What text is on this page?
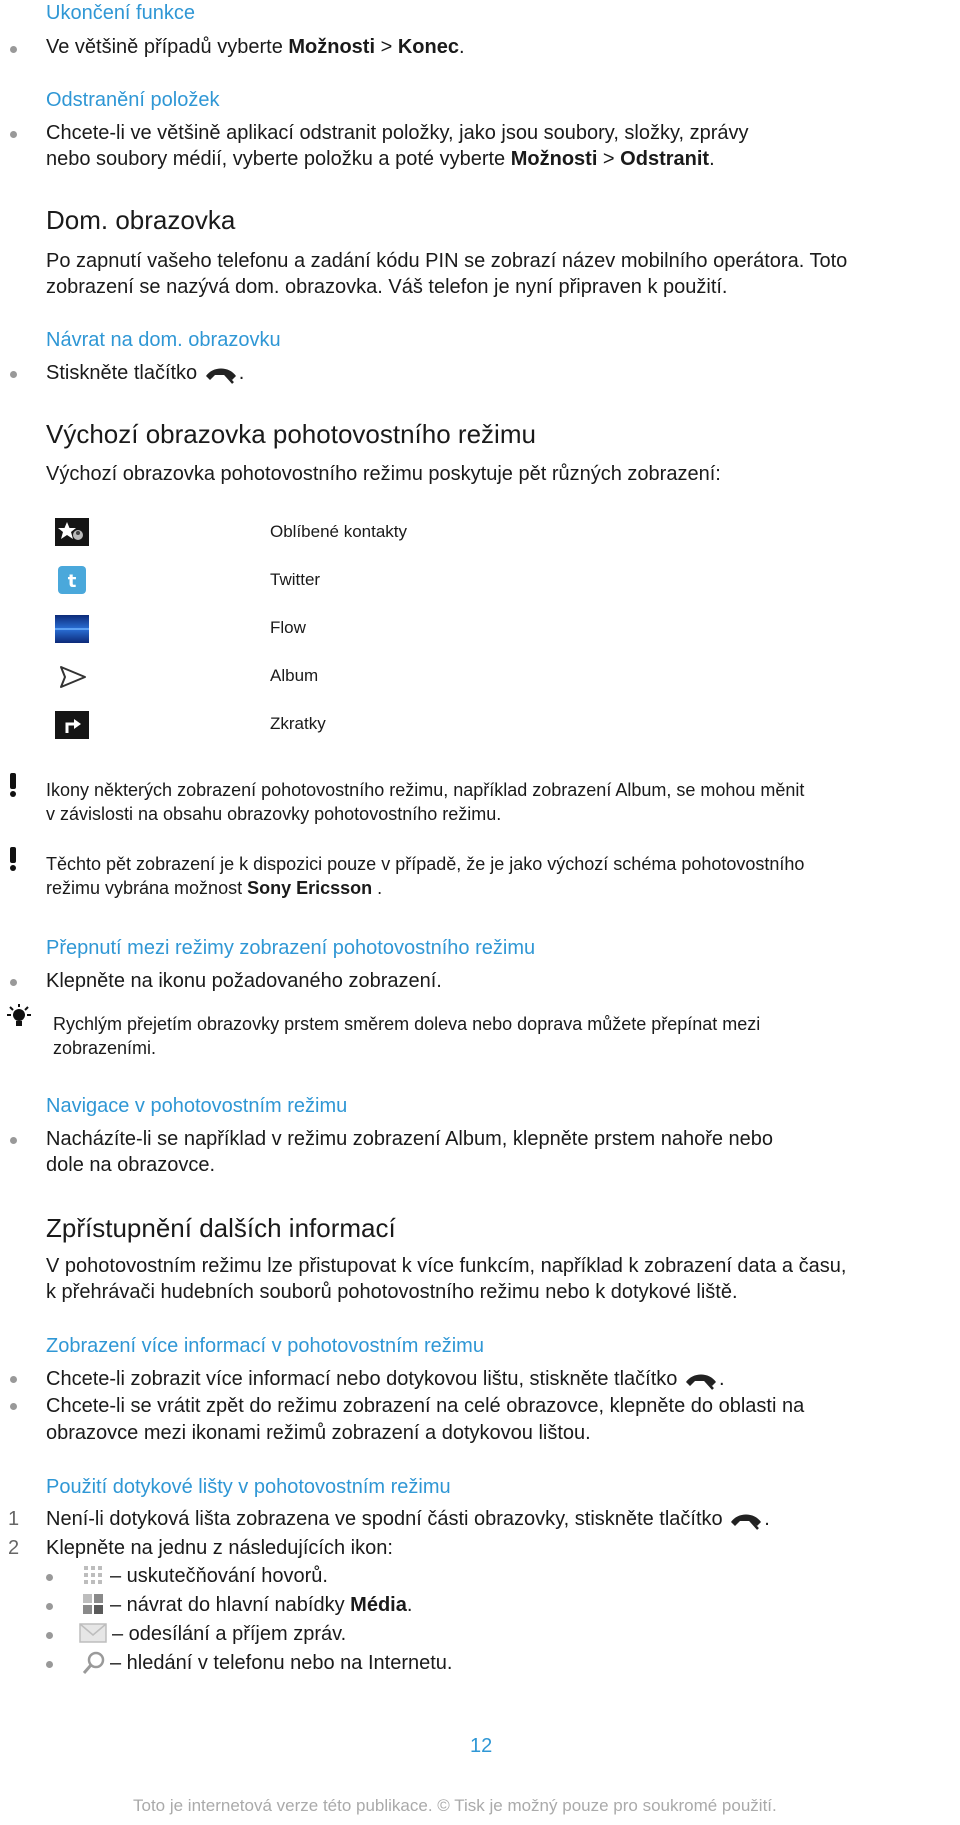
Ukončení funkce
Ve většině případů vyberte Možnosti > Konec.
Odstranění položek
Chcete-li ve většině aplikací odstranit položky, jako jsou soubory, složky, zprávy
nebo soubory médií, vyberte položku a poté vyberte Možnosti > Odstranit.
Dom. obrazovka
Po zapnutí vašeho telefonu a zadání kódu PIN se zobrazí název mobilního operátora. Toto
zobrazení se nazývá dom. obrazovka. Váš telefon je nyní připraven k použití.
Návrat na dom. obrazovku
Stiskněte tlačítko .
Výchozí obrazovka pohotovostního režimu
Výchozí obrazovka pohotovostního režimu poskytuje pět různých zobrazení:
Oblíbené kontakty
t	Twitter
Flow
Album
Zkratky
Ikony některých zobrazení pohotovostního režimu, například zobrazení Album, se mohou měnit
v závislosti na obsahu obrazovky pohotovostního režimu.
Těchto pět zobrazení je k dispozici pouze v případě, že je jako výchozí schéma pohotovostního
režimu vybrána možnost Sony Ericsson .
Přepnutí mezi režimy zobrazení pohotovostního režimu
Klepněte na ikonu požadovaného zobrazení.
Rychlým přejetím obrazovky prstem směrem doleva nebo doprava můžete přepínat mezi
zobrazeními.
Navigace v pohotovostním režimu
Nacházíte-li se například v režimu zobrazení Album, klepněte prstem nahoře nebo
dole na obrazovce.
Zpřístupnění dalších informací
V pohotovostním režimu lze přistupovat k více funkcím, například k zobrazení data a času,
k přehrávači hudebních souborů pohotovostního režimu nebo k dotykové liště.
Zobrazení více informací v pohotovostním režimu
Chcete-li zobrazit více informací nebo dotykovou lištu, stiskněte tlačítko .
Chcete-li se vrátit zpět do režimu zobrazení na celé obrazovce, klepněte do oblasti na
obrazovce mezi ikonami režimů zobrazení a dotykovou lištou.
Použití dotykové lišty v pohotovostním režimu
1 Není-li dotyková lišta zobrazena ve spodní části obrazovky, stiskněte tlačítko .
2 Klepněte na jednu z následujících ikon:
– uskutečňování hovorů.
– návrat do hlavní nabídky Média.
– odesílání a příjem zpráv.
– hledání v telefonu nebo na Internetu.
12
Toto je internetová verze této publikace. © Tisk je možný pouze pro soukromé použití.
